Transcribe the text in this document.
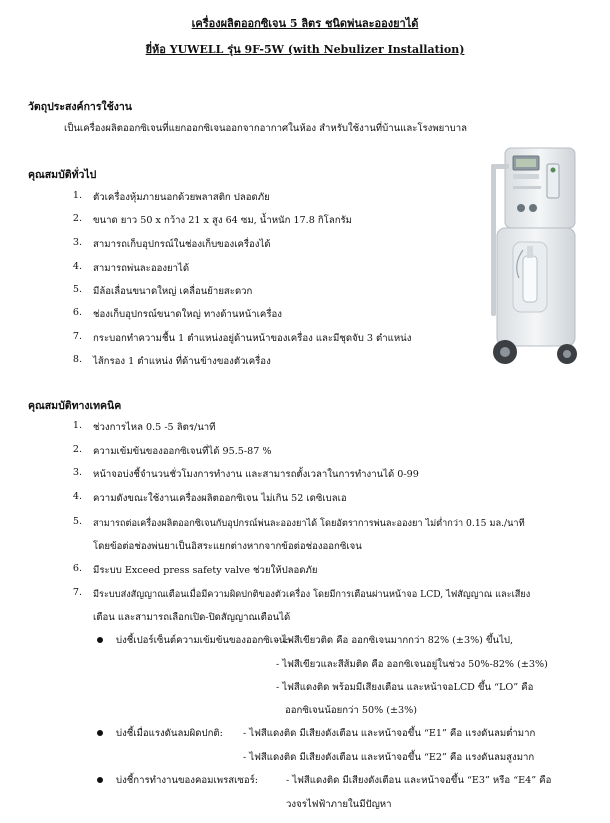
เครื่องผลิตออกซิเจน 5 ลิตร ชนิดพ่นละอองยาได้
ยี่ห้อ YUWELL รุ่น 9F-5W (with Nebulizer Installation)
วัตถุประสงค์การใช้งาน
เป็นเครื่องผลิตออกซิเจนที่แยกออกซิเจนออกจากอากาศในห้อง สำหรับใช้งานที่บ้านและโรงพยาบาล
คุณสมบัติทั่วไป
1. ตัวเครื่องหุ้มภายนอกด้วยพลาสติก ปลอดภัย
2. ขนาด ยาว 50 x กว้าง 21 x สูง 64 ซม, น้ำหนัก 17.8 กิโลกรัม
3. สามารถเก็บอุปกรณ์ในช่องเก็บของเครื่องได้
4. สามารถพ่นละอองยาได้
5. มีล้อเลื่อนขนาดใหญ่ เคลื่อนย้ายสะดวก
6. ช่องเก็บอุปกรณ์ขนาดใหญ่ ทางด้านหน้าเครื่อง
7. กระบอกทำความชื้น 1 ตำแหน่งอยู่ด้านหน้าของเครื่อง และมีชุดจับ 3 ตำแหน่ง
8. ไส้กรอง 1 ตำแหน่ง ที่ด้านข้างของตัวเครื่อง
คุณสมบัติทางเทคนิค
1. ช่วงการไหล 0.5 -5 ลิตร/นาที
2. ความเข้มข้นของออกซิเจนที่ได้ 95.5-87 %
3. หน้าจอบ่งชี้จำนวนชั่วโมงการทำงาน และสามารถตั้งเวลาในการทำงานได้ 0-99
4. ความดังขณะใช้งานเครื่องผลิตออกซิเจน ไม่เกิน 52 เดซิเบลเอ
5. สามารถต่อเครื่องผลิตออกซิเจนกับอุปกรณ์พ่นละอองยาได้ โดยอัตราการพ่นละอองยา ไม่ต่ำกว่า 0.15 มล./นาที
โดยข้อต่อช่องพ่นยาเป็นอิสระแยกต่างหากจากข้อต่อช่องออกซิเจน
6. มีระบบ Exceed press safety valve ช่วยให้ปลอดภัย
7. มีระบบส่งสัญญาณเตือนเมื่อมีความผิดปกติของตัวเครื่อง โดยมีการเตือนผ่านหน้าจอ LCD, ไฟสัญญาณ และเสียง
เตือน และสามารถเลือกเปิด-ปิดสัญญาณเตือนได้
บ่งชี้เปอร์เซ็นต์ความเข้มข้นของออกซิเจน:-
- ไฟสีเขียวติด คือ ออกซิเจนมากกว่า 82% (±3%) ขึ้นไป,
- ไฟสีเขียวและสีส้มติด คือ ออกซิเจนอยู่ในช่วง 50%-82% (±3%)
- ไฟสีแดงติด พร้อมมีเสียงเตือน และหน้าจอLCD ขึ้น “LO” คือ
ออกซิเจนน้อยกว่า 50% (±3%)
บ่งชี้เมื่อแรงดันลมผิดปกติ: - ไฟสีแดงติด มีเสียงดังเตือน และหน้าจอขึ้น “E1” คือ แรงดันลมต่ำมาก
- ไฟสีแดงติด มีเสียงดังเตือน และหน้าจอขึ้น “E2” คือ แรงดันลมสูงมาก
บ่งชี้การทำงานของคอมเพรสเซอร์:	- ไฟสีแดงติด มีเสียงดังเตือน และหน้าจอขึ้น “E3” หรือ “E4” คือ
วงจรไฟฟ้าภายในมีปัญหา
